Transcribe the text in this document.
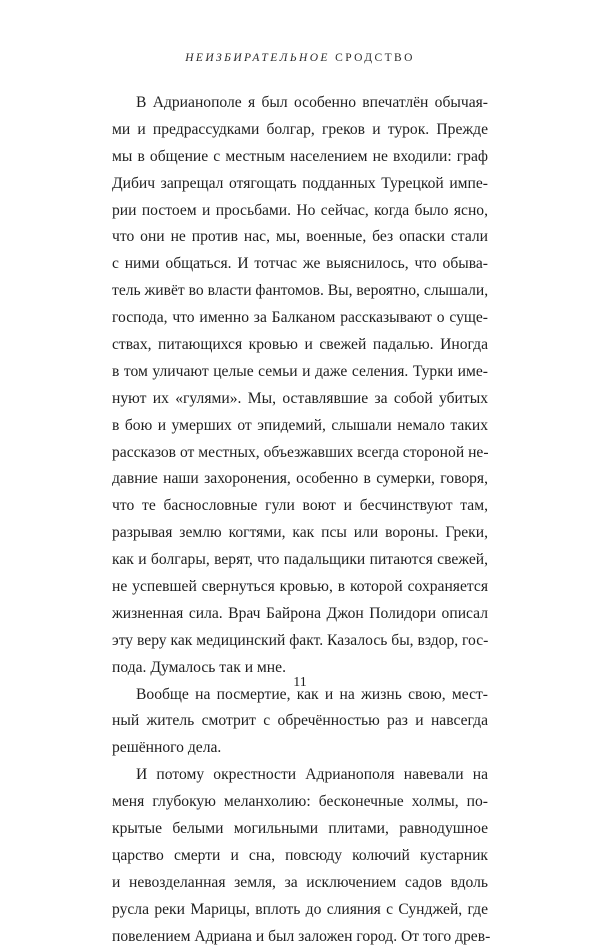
НЕИЗБИРАТЕЛЬНОЕ СРОДСТВО
В Адрианополе я был особенно впечатлён обычая-
ми и предрассудками болгар, греков и турок. Прежде
мы в общение с местным населением не входили: граф
Дибич запрещал отягощать подданных Турецкой импе-
рии постоем и просьбами. Но сейчас, когда было ясно,
что они не против нас, мы, военные, без опаски стали
с ними общаться. И тотчас же выяснилось, что обыва-
тель живёт во власти фантомов. Вы, вероятно, слышали,
господа, что именно за Балканом рассказывают о суще-
ствах, питающихся кровью и свежей падалью. Иногда
в том уличают целые семьи и даже селения. Турки име-
нуют их «гулями». Мы, оставлявшие за собой убитых
в бою и умерших от эпидемий, слышали немало таких
рассказов от местных, объезжавших всегда стороной не-
давние наши захоронения, особенно в сумерки, говоря,
что те баснословные гули воют и бесчинствуют там,
разрывая землю когтями, как псы или вороны. Греки,
как и болгары, верят, что падальщики питаются свежей,
не успевшей свернуться кровью, в которой сохраняется
жизненная сила. Врач Байрона Джон Полидори описал
эту веру как медицинский факт. Казалось бы, вздор, гос-
пода. Думалось так и мне.
Вообще на посмертие, как и на жизнь свою, мест-
ный житель смотрит с обречённостью раз и навсегда
решённого дела.
И потому окрестности Адрианополя навевали на
меня глубокую меланхолию: бесконечные холмы, по-
крытые белыми могильными плитами, равнодушное
царство смерти и сна, повсюду колючий кустарник
и невозделанная земля, за исключением садов вдоль
русла реки Марицы, вплоть до слияния с Сунджей, где
повелением Адриана и был заложен город. От того древ-
11
